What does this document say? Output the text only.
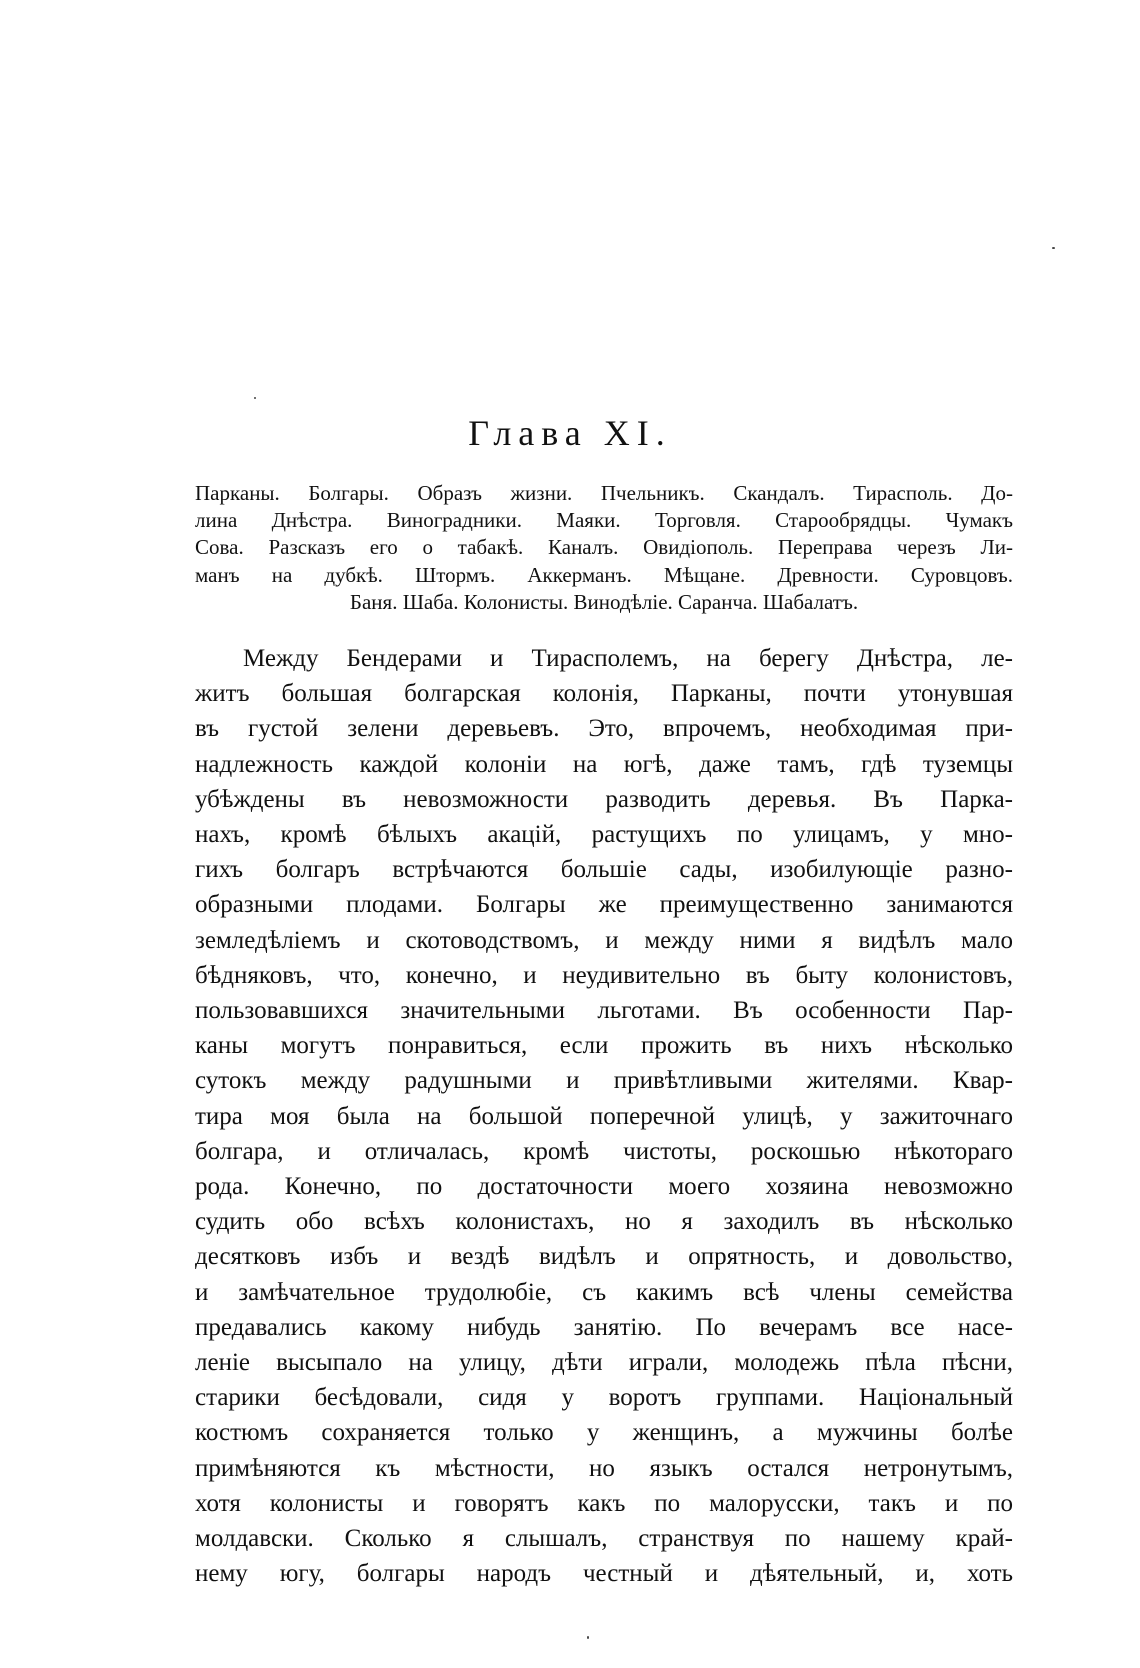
Глава XI.
Парканы. Болгары. Образъ жизни. Пчельникъ. Скандалъ. Тирасполь. До-
лина Днѣстра. Виноградники. Маяки. Торговля. Старообрядцы. Чумакъ
Сова. Разсказъ его о табакѣ. Каналъ. Овидіополь. Переправа черезъ Ли-
манъ на дубкѣ. Штормъ. Аккерманъ. Мѣщане. Древности. Суровцовъ.
Баня. Шаба. Колонисты. Винодѣліе. Саранча. Шабалатъ.
Между Бендерами и Тирасполемъ, на берегу Днѣстра, ле-
житъ большая болгарская колонія, Парканы, почти утонувшая
въ густой зелени деревьевъ. Это, впрочемъ, необходимая при-
надлежность каждой колоніи на югѣ, даже тамъ, гдѣ туземцы
убѣждены въ невозможности разводить деревья. Въ Парка-
нахъ, кромѣ бѣлыхъ акацій, растущихъ по улицамъ, у мно-
гихъ болгаръ встрѣчаются большіе сады, изобилующіе разно-
образными плодами. Болгары же преимущественно занимаются
земледѣліемъ и скотоводствомъ, и между ними я видѣлъ мало
бѣдняковъ, что, конечно, и неудивительно въ быту колонистовъ,
пользовавшихся значительными льготами. Въ особенности Пар-
каны могутъ понравиться, если прожить въ нихъ нѣсколько
сутокъ между радушными и привѣтливыми жителями. Квар-
тира моя была на большой поперечной улицѣ, у зажиточнаго
болгара, и отличалась, кромѣ чистоты, роскошью нѣкотораго
рода. Конечно, по достаточности моего хозяина невозможно
судить обо всѣхъ колонистахъ, но я заходилъ въ нѣсколько
десятковъ избъ и вездѣ видѣлъ и опрятность, и довольство,
и замѣчательное трудолюбіе, съ какимъ всѣ члены семейства
предавались какому нибудь занятію. По вечерамъ все насе-
леніе высыпало на улицу, дѣти играли, молодежь пѣла пѣсни,
старики бесѣдовали, сидя у воротъ группами. Національный
костюмъ сохраняется только у женщинъ, а мужчины болѣе
примѣняются къ мѣстности, но языкъ остался нетронутымъ,
хотя колонисты и говорятъ какъ по малорусски, такъ и по
молдавски. Сколько я слышалъ, странствуя по нашему край-
нему югу, болгары народъ честный и дѣятельный, и, хоть
